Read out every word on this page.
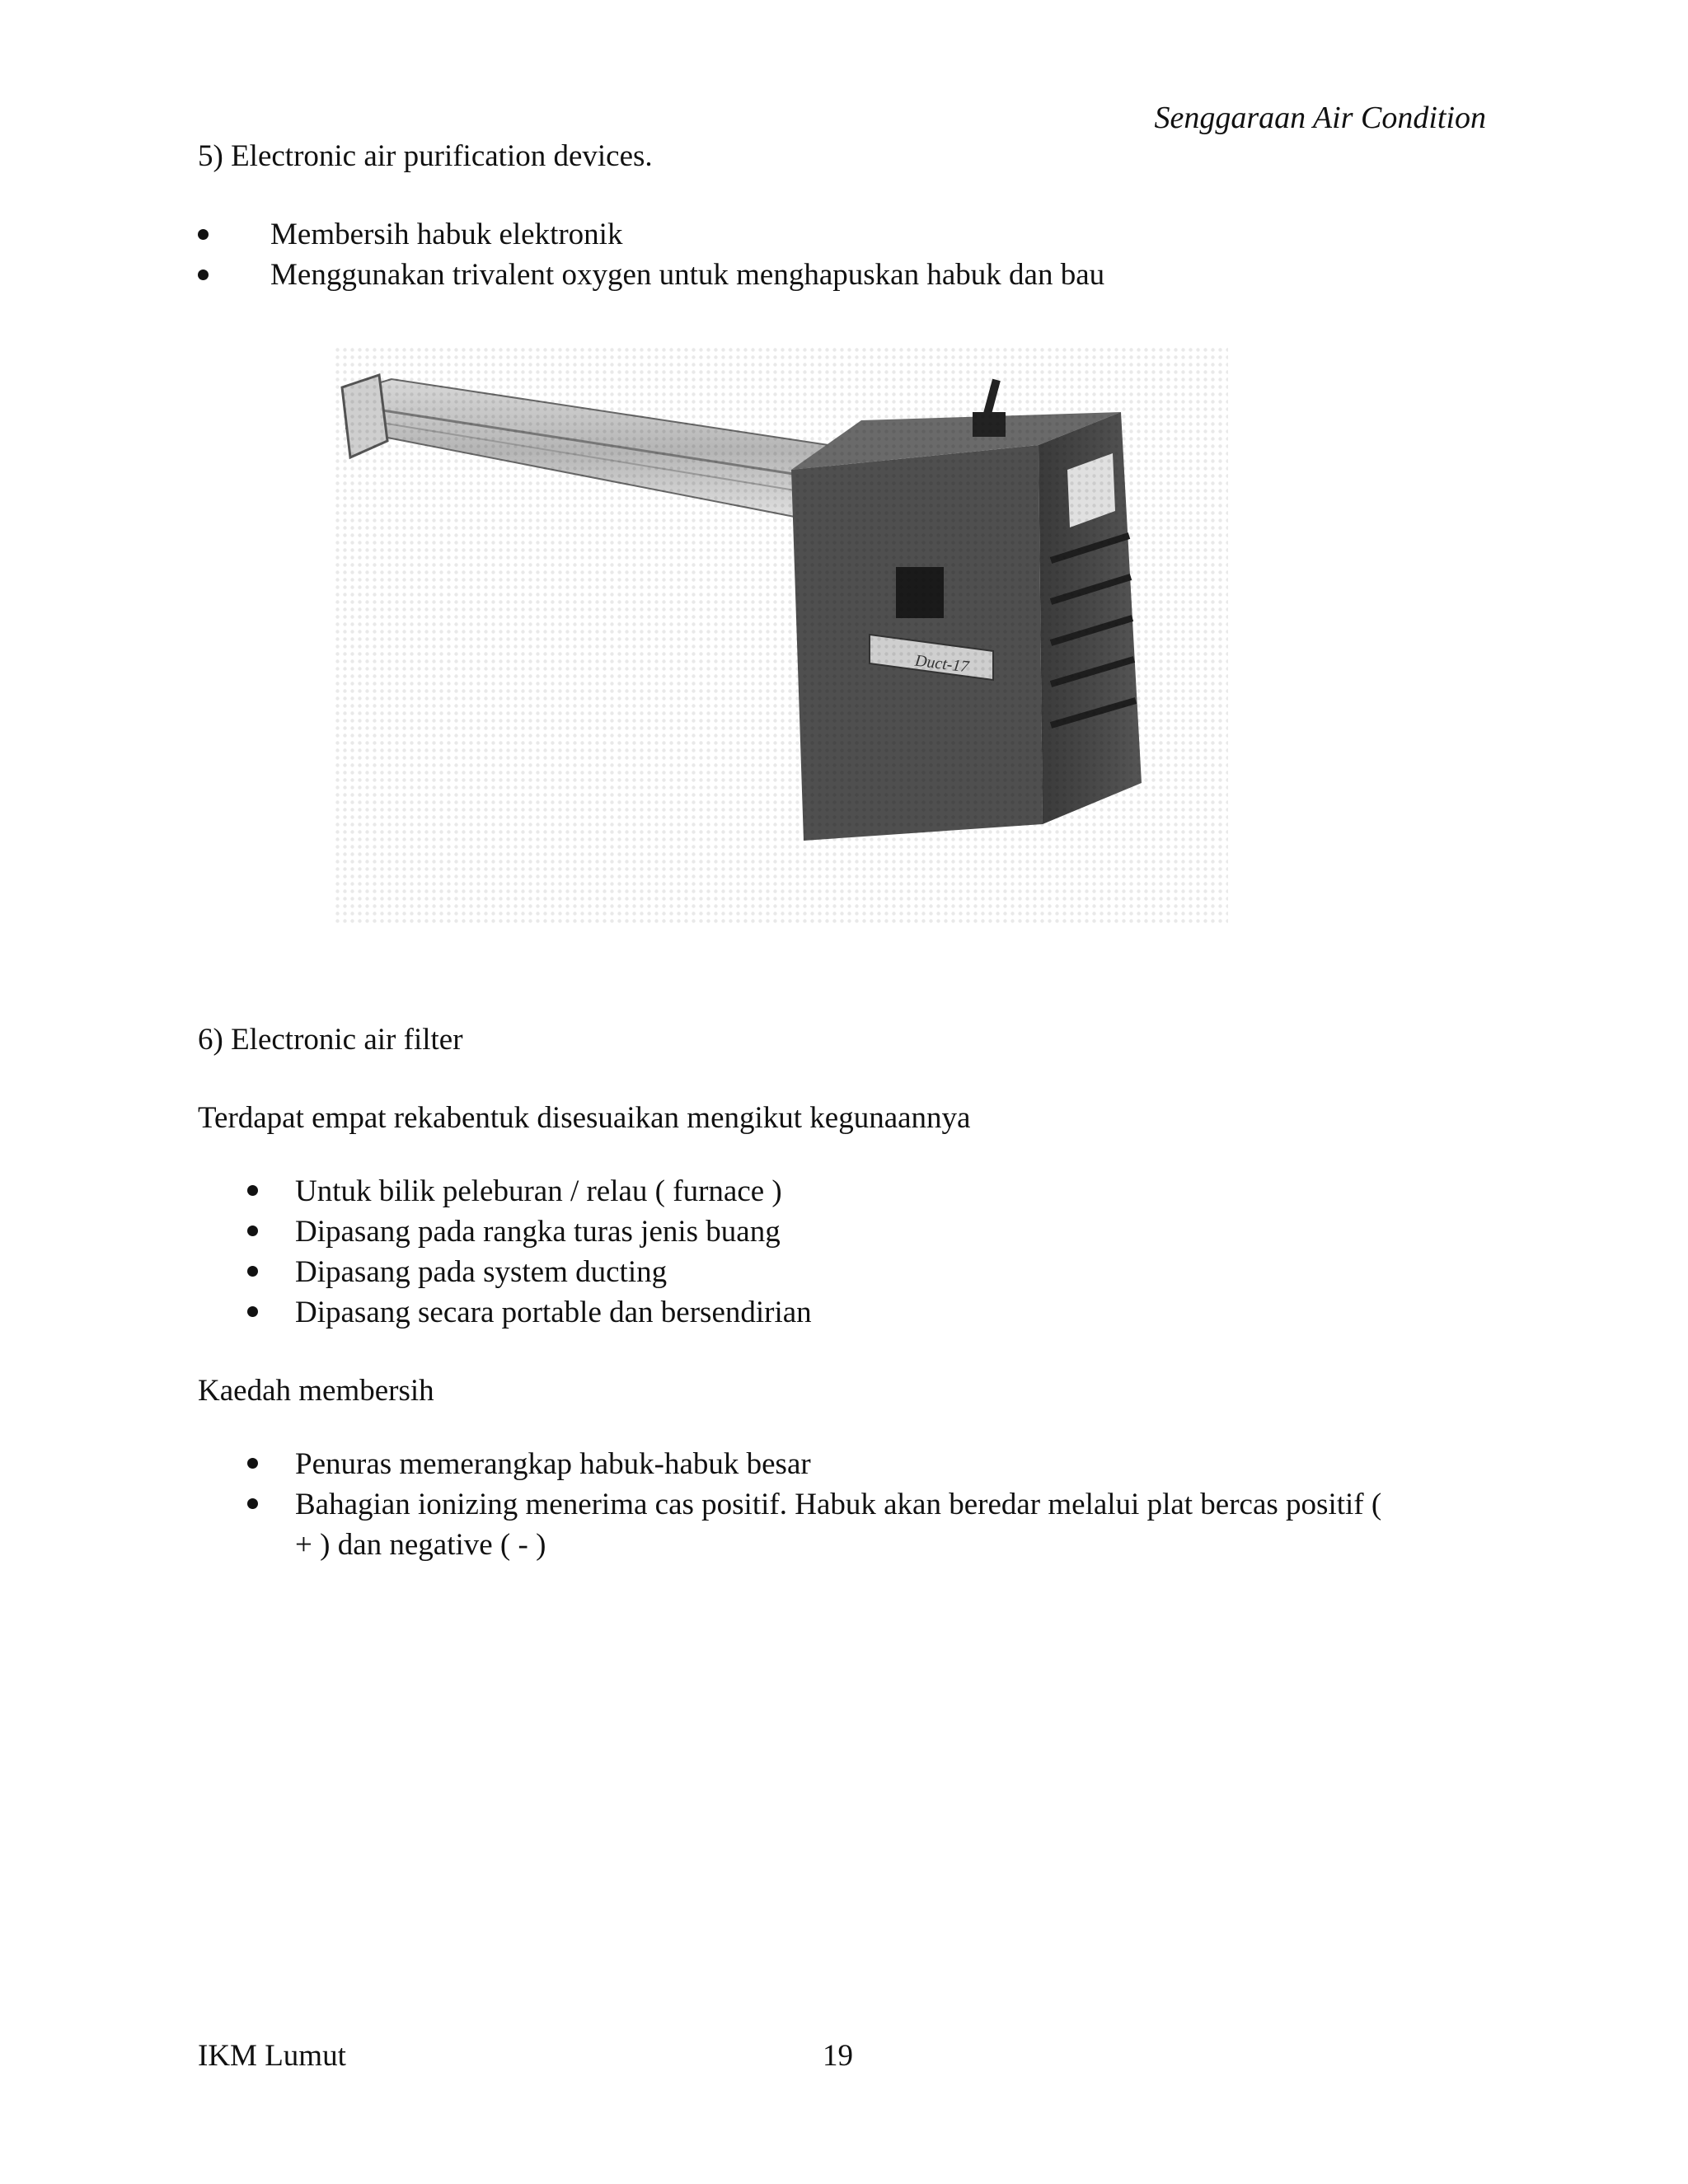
Senggaraan Air Condition
5) Electronic air purification devices.
Membersih habuk elektronik
Menggunakan trivalent oxygen untuk menghapuskan habuk dan bau
Duct-17
6) Electronic air filter
Terdapat empat rekabentuk disesuaikan mengikut kegunaannya
Untuk bilik peleburan / relau ( furnace )
Dipasang pada rangka turas jenis buang
Dipasang pada system ducting
Dipasang secara portable dan bersendirian
Kaedah membersih
Penuras memerangkap habuk-habuk besar
Bahagian ionizing menerima cas positif. Habuk akan beredar melalui plat bercas positif (
+ ) dan negative ( - )
IKM Lumut	19
